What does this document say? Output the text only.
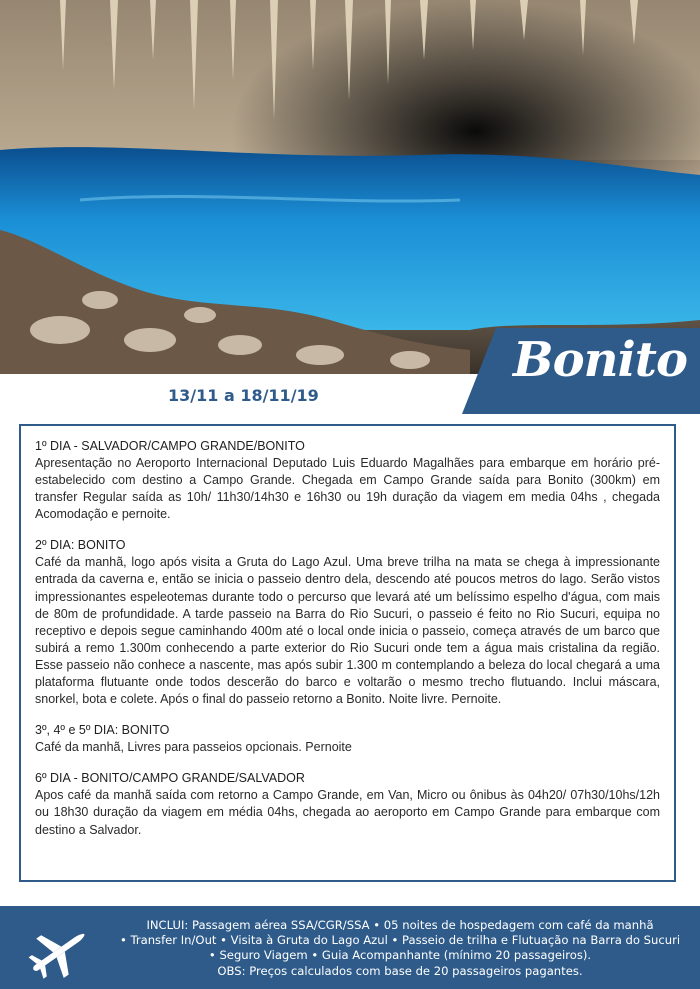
Bonito
13/11 a 18/11/19
1º DIA - SALVADOR/CAMPO GRANDE/BONITO
Apresentação no Aeroporto Internacional Deputado Luis Eduardo Magalhães para embarque em horário pré-estabelecido com destino a Campo Grande. Chegada em Campo Grande saída para Bonito (300km) em transfer Regular saída as 10h/ 11h30/14h30 e 16h30 ou 19h duração da viagem em media 04hs , chegada Acomodação e pernoite.
2º DIA: BONITO
Café da manhã, logo após visita a Gruta do Lago Azul. Uma breve trilha na mata se chega à impressionante entrada da caverna e, então se inicia o passeio dentro dela, descendo até poucos metros do lago. Serão vistos impressionantes espeleotemas durante todo o percurso que levará até um belíssimo espelho d'água, com mais de 80m de profundidade. A tarde passeio na Barra do Rio Sucuri, o passeio é feito no Rio Sucuri, equipa no receptivo e depois segue caminhando 400m até o local onde inicia o passeio, começa através de um barco que subirá a remo 1.300m conhecendo a parte exterior do Rio Sucuri onde tem a água mais cristalina da região. Esse passeio não conhece a nascente, mas após subir 1.300 m contemplando a beleza do local chegará a uma plataforma flutuante onde todos descerão do barco e voltarão o mesmo trecho flutuando. Inclui máscara, snorkel, bota e colete. Após o final do passeio retorno a Bonito. Noite livre. Pernoite.
3º, 4º e 5º DIA: BONITO
Café da manhã, Livres para passeios opcionais. Pernoite
6º DIA - BONITO/CAMPO GRANDE/SALVADOR
Apos café da manhã saída com retorno a Campo Grande, em Van, Micro ou ônibus às 04h20/ 07h30/10hs/12h ou 18h30 duração da viagem em média 04hs, chegada ao aeroporto em Campo Grande para embarque com destino a Salvador.
INCLUI: Passagem aérea SSA/CGR/SSA • 05 noites de hospedagem com café da manhã
• Transfer In/Out • Visita à Gruta do Lago Azul • Passeio de trilha e Flutuação na Barra do Sucuri
• Seguro Viagem • Guia Acompanhante (mínimo 20 passageiros).
OBS: Preços calculados com base de 20 passageiros pagantes.
